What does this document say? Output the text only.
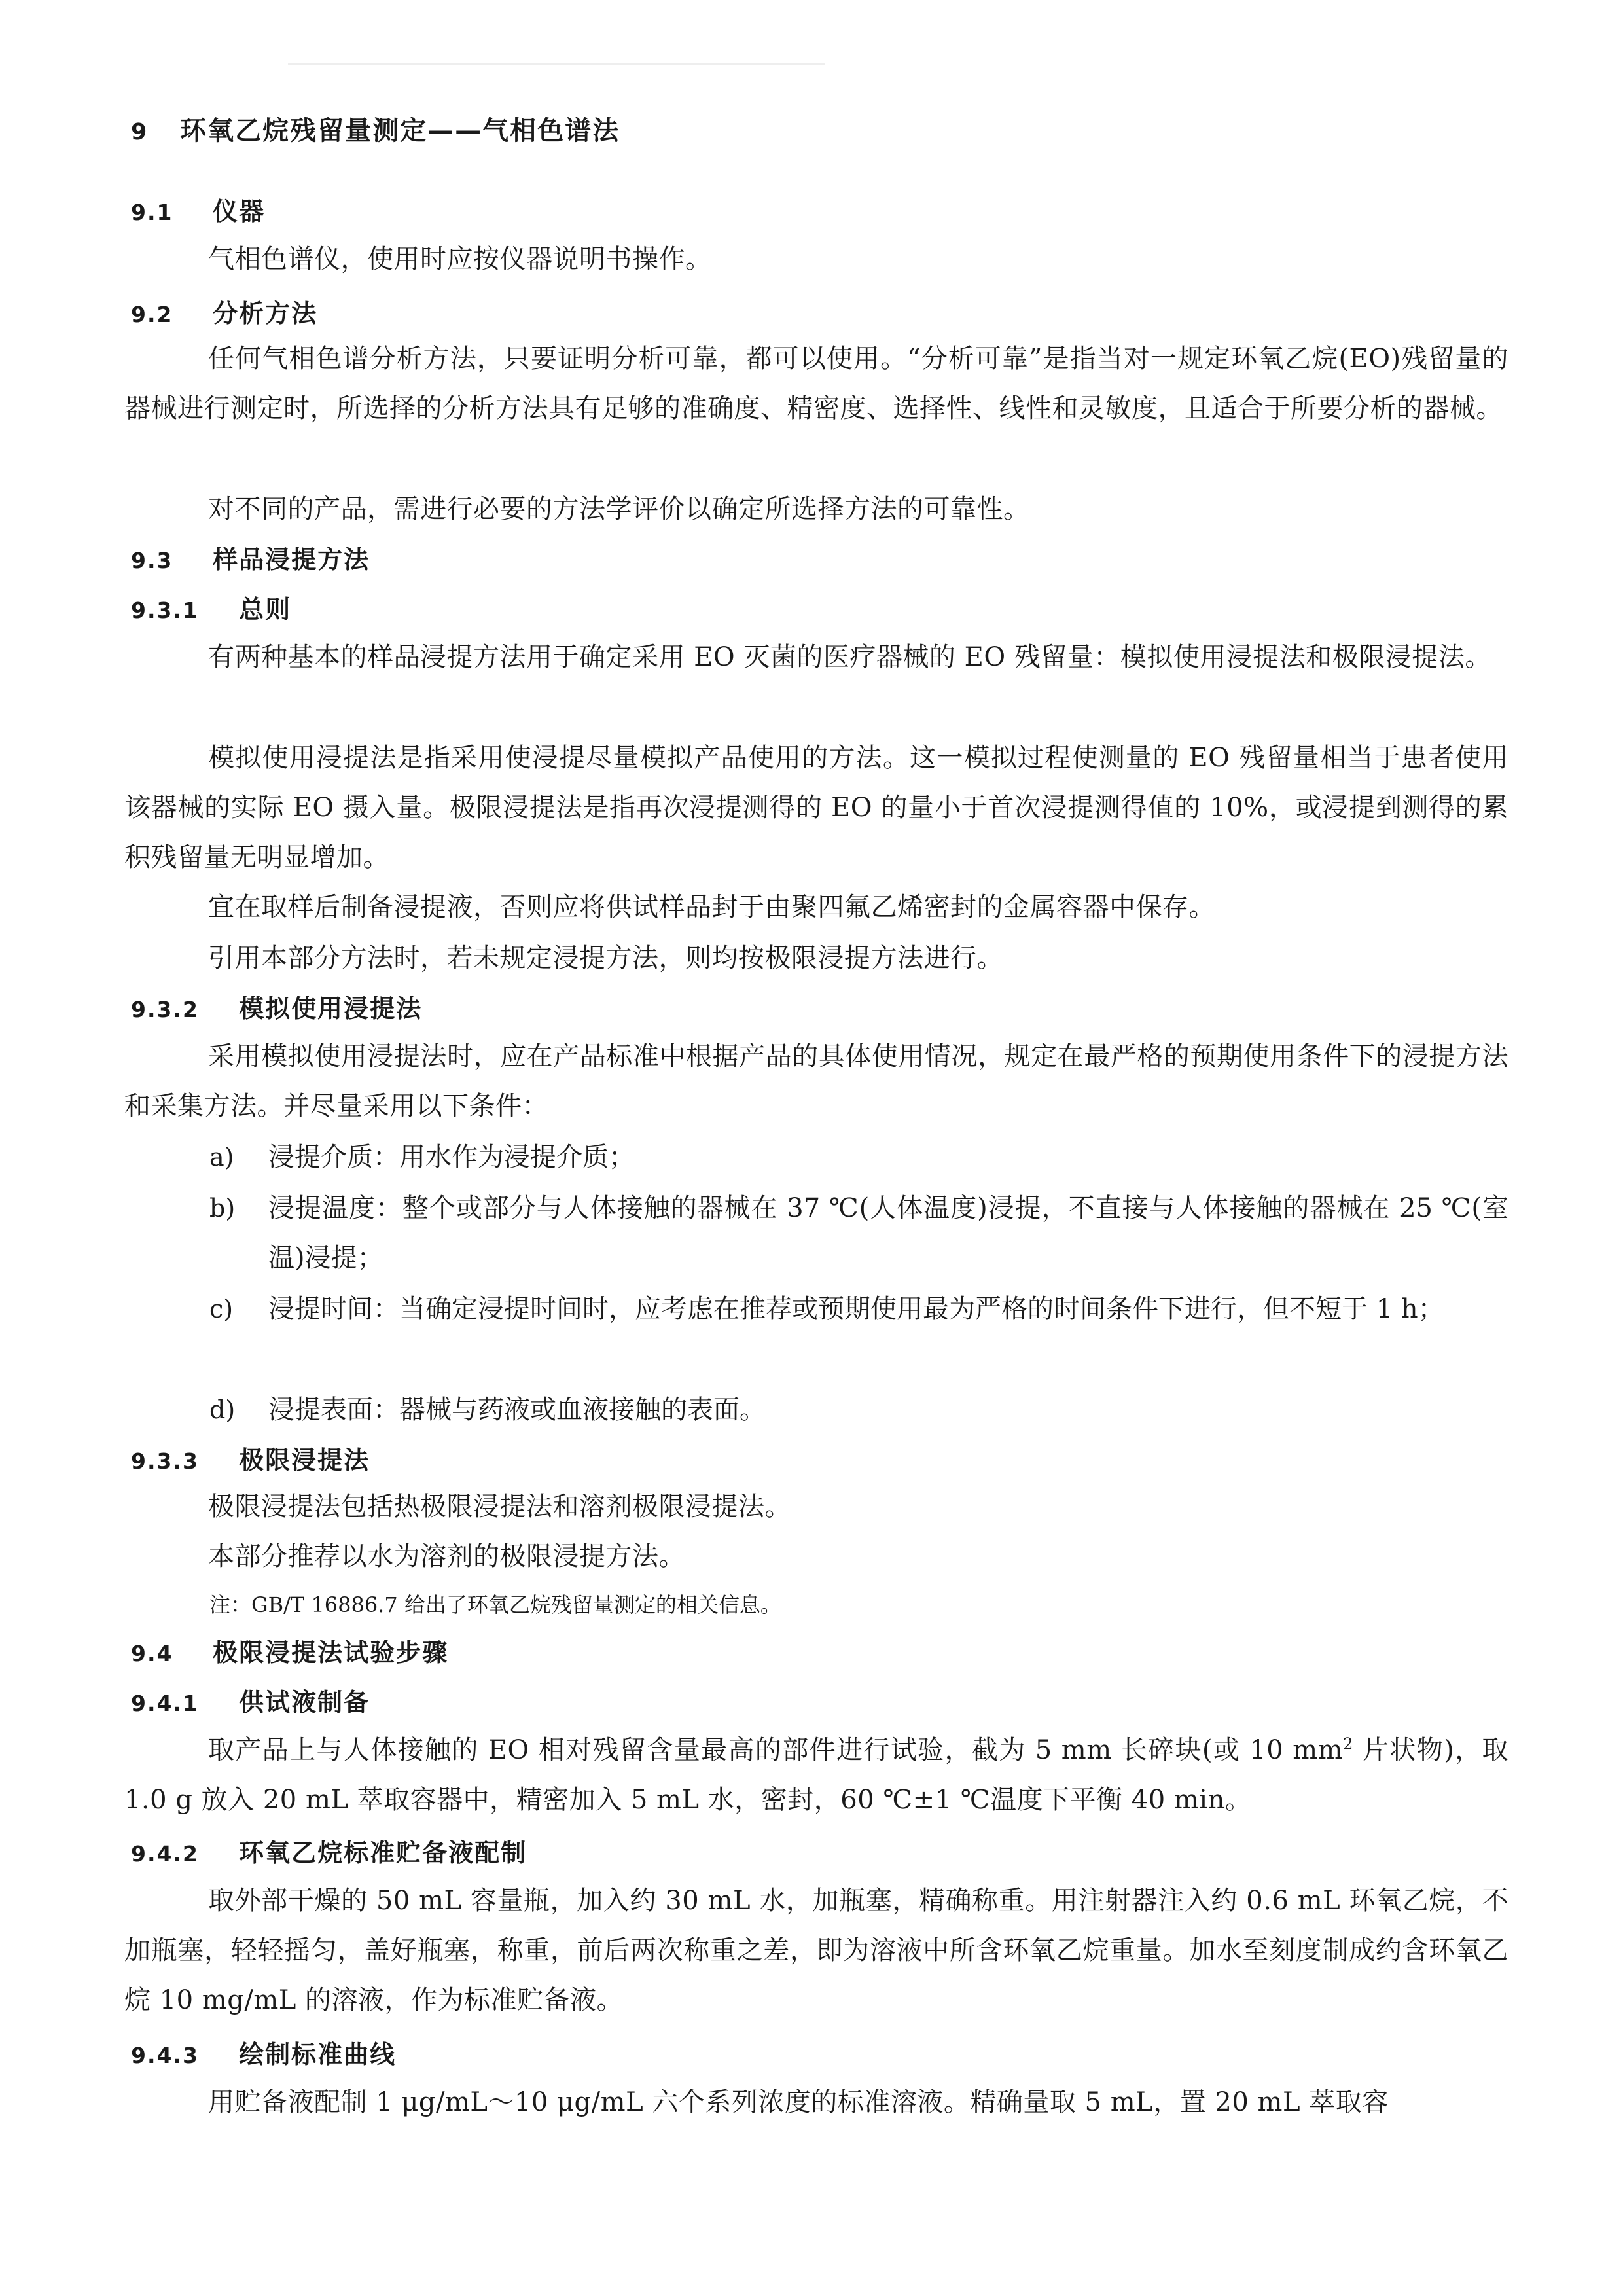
9 环氧乙烷残留量测定——气相色谱法
9.1 仪器
气相色谱仪，使用时应按仪器说明书操作。
9.2 分析方法
任何气相色谱分析方法，只要证明分析可靠，都可以使用。“分析可靠”是指当对一规定环氧乙烷(EO)残留量的器械进行测定时，所选择的分析方法具有足够的准确度、精密度、选择性、线性和灵敏度，且适合于所要分析的器械。
对不同的产品，需进行必要的方法学评价以确定所选择方法的可靠性。
9.3 样品浸提方法
9.3.1 总则
有两种基本的样品浸提方法用于确定采用 EO 灭菌的医疗器械的 EO 残留量：模拟使用浸提法和极限浸提法。
模拟使用浸提法是指采用使浸提尽量模拟产品使用的方法。这一模拟过程使测量的 EO 残留量相当于患者使用该器械的实际 EO 摄入量。极限浸提法是指再次浸提测得的 EO 的量小于首次浸提测得值的 10%，或浸提到测得的累积残留量无明显增加。
宜在取样后制备浸提液，否则应将供试样品封于由聚四氟乙烯密封的金属容器中保存。
引用本部分方法时，若未规定浸提方法，则均按极限浸提方法进行。
9.3.2 模拟使用浸提法
采用模拟使用浸提法时，应在产品标准中根据产品的具体使用情况，规定在最严格的预期使用条件下的浸提方法和采集方法。并尽量采用以下条件：
a)	浸提介质：用水作为浸提介质；
b)	浸提温度：整个或部分与人体接触的器械在 37 ℃(人体温度)浸提，不直接与人体接触的器械在 25 ℃(室温)浸提；
c)	浸提时间：当确定浸提时间时，应考虑在推荐或预期使用最为严格的时间条件下进行，但不短于 1 h；
d)	浸提表面：器械与药液或血液接触的表面。
9.3.3 极限浸提法
极限浸提法包括热极限浸提法和溶剂极限浸提法。
本部分推荐以水为溶剂的极限浸提方法。
注：GB/T 16886.7 给出了环氧乙烷残留量测定的相关信息。
9.4 极限浸提法试验步骤
9.4.1 供试液制备
取产品上与人体接触的 EO 相对残留含量最高的部件进行试验，截为 5 mm 长碎块(或 10 $mm^2$ 片状物)，取 1.0 g 放入 20 mL 萃取容器中，精密加入 5 mL 水，密封，60 ℃±1 ℃温度下平衡 40 min。
9.4.2 环氧乙烷标准贮备液配制
取外部干燥的 50 mL 容量瓶，加入约 30 mL 水，加瓶塞，精确称重。用注射器注入约 0.6 mL 环氧乙烷，不加瓶塞，轻轻摇匀，盖好瓶塞，称重，前后两次称重之差，即为溶液中所含环氧乙烷重量。加水至刻度制成约含环氧乙烷 10 mg/mL 的溶液，作为标准贮备液。
9.4.3 绘制标准曲线
用贮备液配制 1 μg/mL～10 μg/mL 六个系列浓度的标准溶液。精确量取 5 mL，置 20 mL 萃取容
